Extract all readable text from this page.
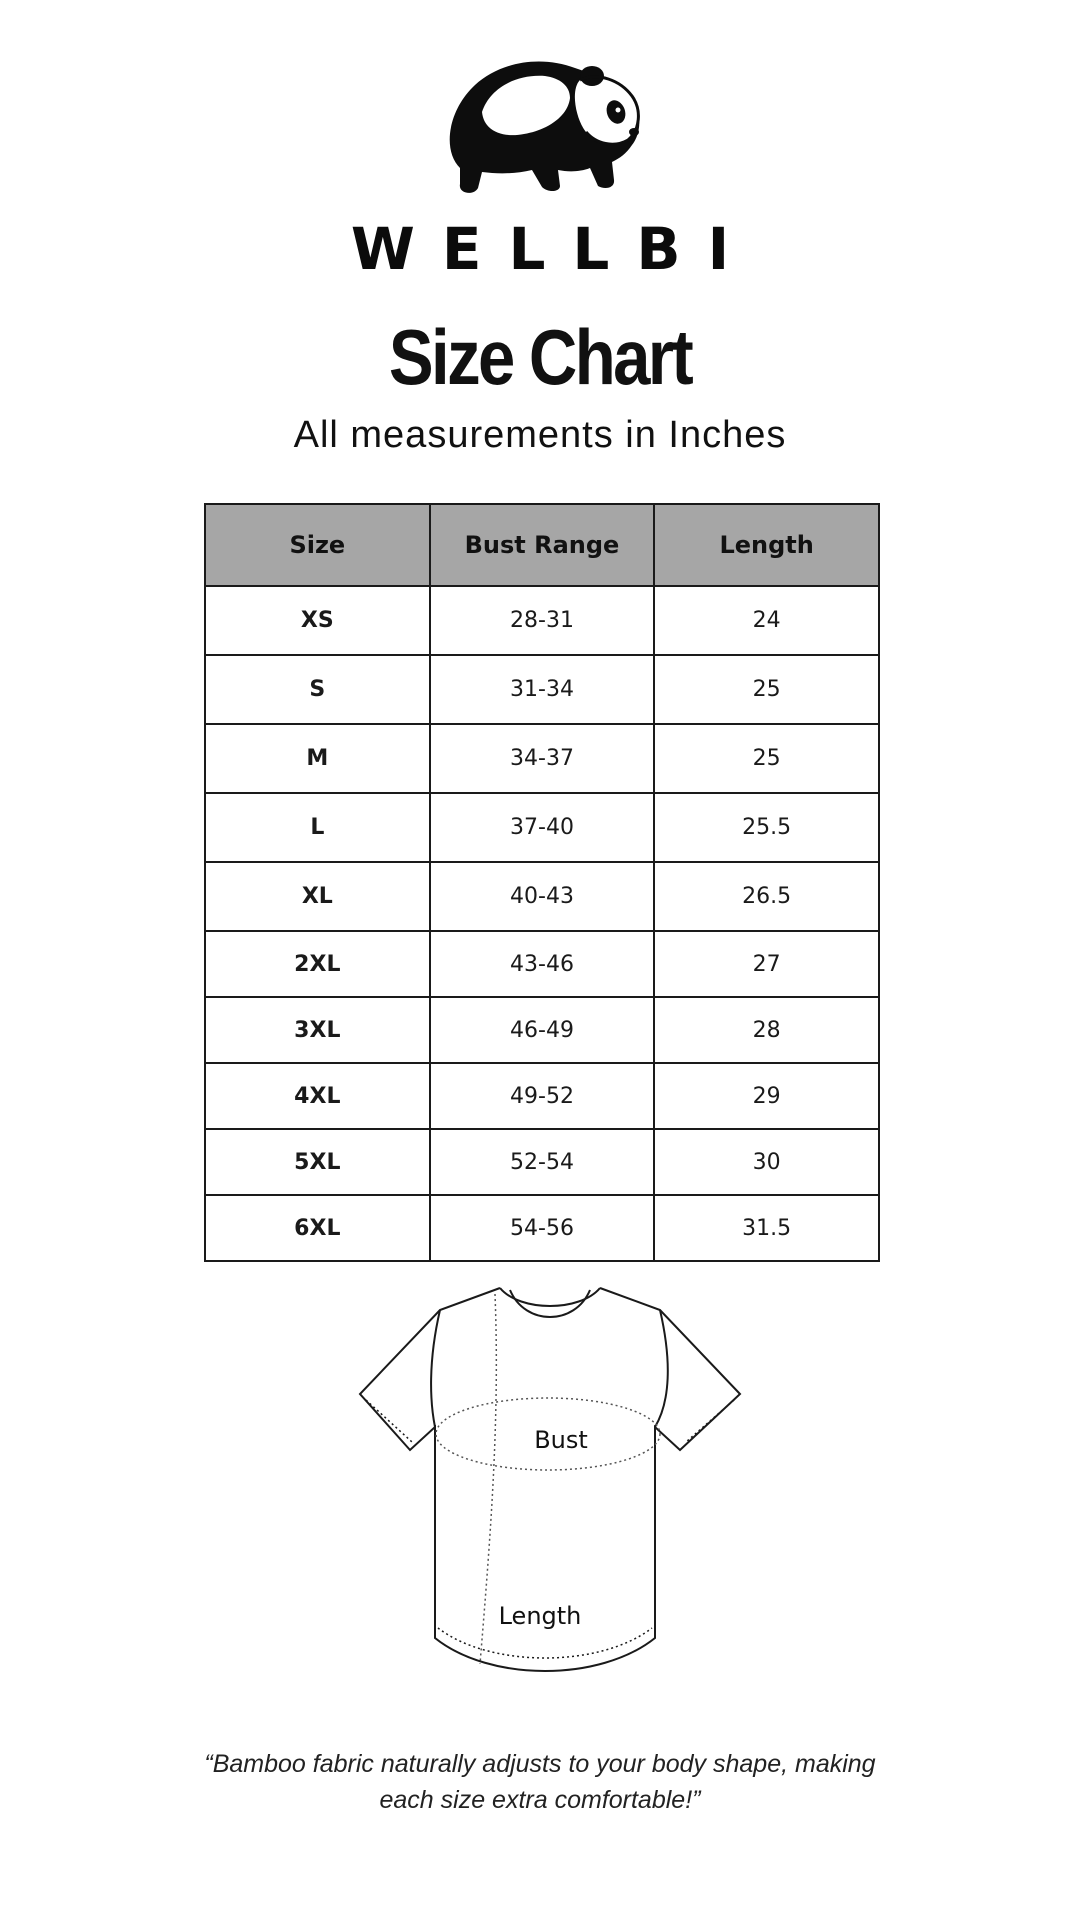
WELLBI
Size Chart
All measurements in Inches
Size	Bust Range	Length
XS	28-31	24
S	31-34	25
M	34-37	25
L	37-40	25.5
XL	40-43	26.5
2XL	43-46	27
3XL	46-49	28
4XL	49-52	29
5XL	52-54	30
6XL	54-56	31.5
Bust
Length
“Bamboo fabric naturally adjusts to your body shape, making
each size extra comfortable!”
